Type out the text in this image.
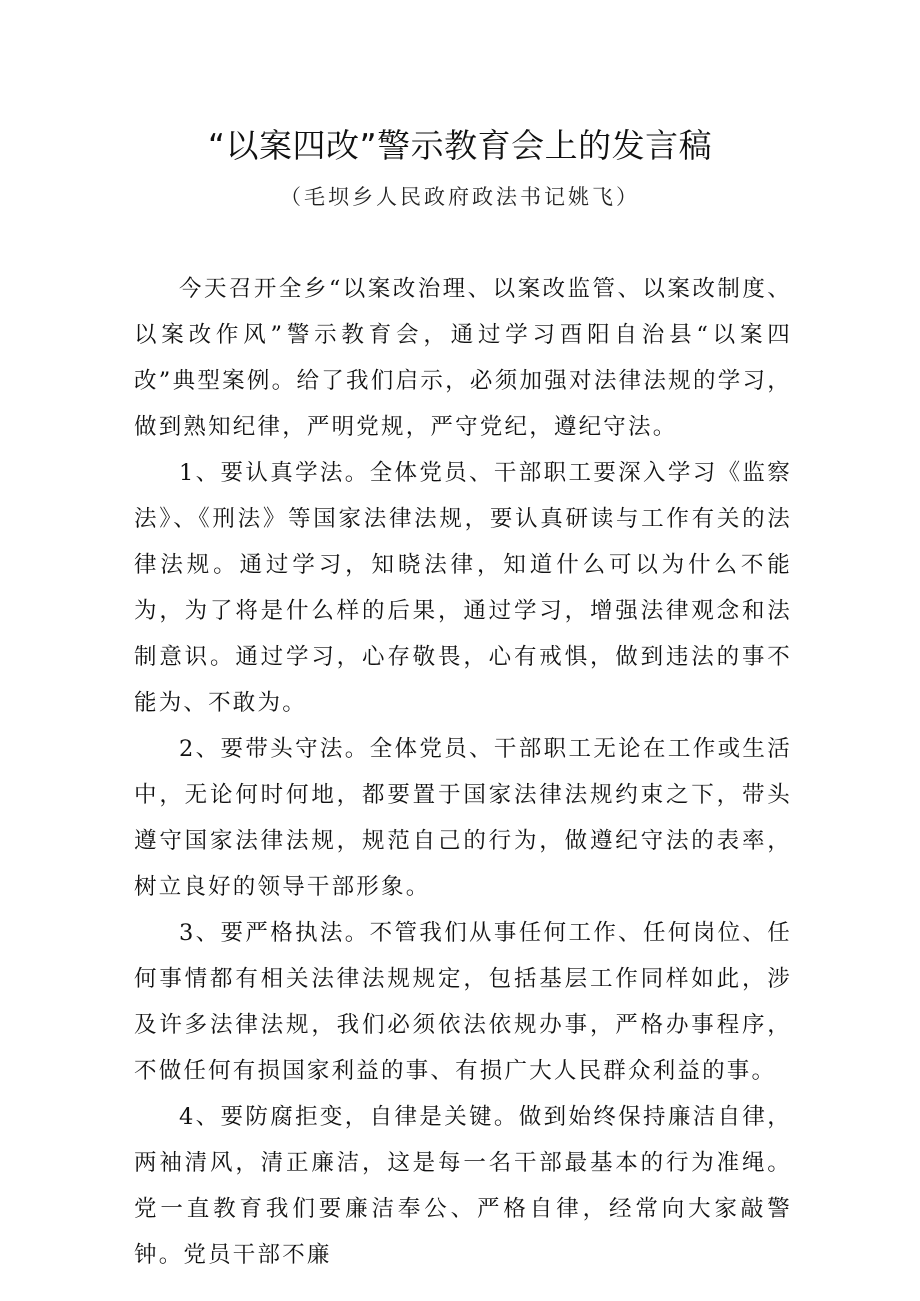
“以案四改”警示教育会上的发言稿
（毛坝乡人民政府政法书记姚飞）

今天召开全乡“以案改治理、以案改监管、以案改制度、以案改作风”警示教育会，通过学习酉阳自治县“以案四改”典型案例。给了我们启示，必须加强对法律法规的学习，做到熟知纪律，严明党规，严守党纪，遵纪守法。

1、要认真学法。全体党员、干部职工要深入学习《监察法》、《刑法》等国家法律法规，要认真研读与工作有关的法律法规。通过学习，知晓法律，知道什么可以为什么不能为，为了将是什么样的后果，通过学习，增强法律观念和法制意识。通过学习，心存敬畏，心有戒惧，做到违法的事不能为、不敢为。

2、要带头守法。全体党员、干部职工无论在工作或生活中，无论何时何地，都要置于国家法律法规约束之下，带头遵守国家法律法规，规范自己的行为，做遵纪守法的表率，树立良好的领导干部形象。

3、要严格执法。不管我们从事任何工作、任何岗位、任何事情都有相关法律法规规定，包括基层工作同样如此，涉及许多法律法规，我们必须依法依规办事，严格办事程序，不做任何有损国家利益的事、有损广大人民群众利益的事。

4、要防腐拒变，自律是关键。做到始终保持廉洁自律，两袖清风，清正廉洁，这是每一名干部最基本的行为准绳。党一直教育我们要廉洁奉公、严格自律，经常向大家敲警钟。党员干部不廉
